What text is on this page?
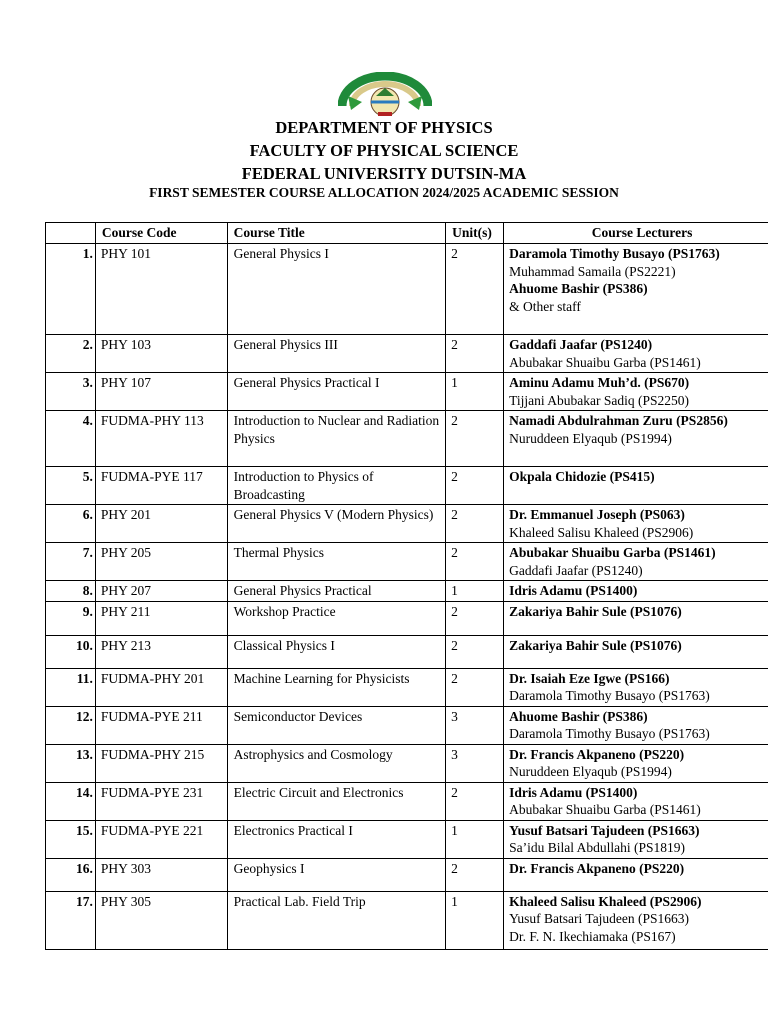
DEPARTMENT OF PHYSICS
FACULTY OF PHYSICAL SCIENCE
FEDERAL UNIVERSITY DUTSIN-MA
FIRST SEMESTER COURSE ALLOCATION 2024/2025 ACADEMIC SESSION
	Course Code	Course Title	Unit(s)	Course Lecturers
1.	PHY 101	General Physics I	2	Daramola Timothy Busayo (PS1763)
Muhammad Samaila (PS2221)
Ahuome Bashir (PS386)
& Other staff

2.	PHY 103	General Physics III	2	Gaddafi Jaafar (PS1240)
Abubakar Shuaibu Garba (PS1461)

3.	PHY 107	General Physics Practical I	1	Aminu Adamu Muh’d. (PS670)
Tijjani Abubakar Sadiq (PS2250)

4.	FUDMA-PHY 113	Introduction to Nuclear and Radiation Physics	2	Namadi Abdulrahman Zuru (PS2856)
Nuruddeen Elyaqub (PS1994)

5.	FUDMA-PYE 117	Introduction to Physics of Broadcasting	2	Okpala Chidozie (PS415)

6.	PHY 201	General Physics V (Modern Physics)	2	Dr. Emmanuel Joseph (PS063)
Khaleed Salisu Khaleed (PS2906)

7.	PHY 205	Thermal Physics	2	Abubakar Shuaibu Garba (PS1461)
Gaddafi Jaafar (PS1240)

8.	PHY 207	General Physics Practical	1	Idris Adamu (PS1400)

9.	PHY 211	Workshop Practice	2	Zakariya Bahir Sule (PS1076)

10.	PHY 213	Classical Physics I	2	Zakariya Bahir Sule (PS1076)

11.	FUDMA-PHY 201	Machine Learning for Physicists	2	Dr. Isaiah Eze Igwe (PS166)
Daramola Timothy Busayo (PS1763)

12.	FUDMA-PYE 211	Semiconductor Devices	3	Ahuome Bashir (PS386)
Daramola Timothy Busayo (PS1763)

13.	FUDMA-PHY 215	Astrophysics and Cosmology	3	Dr. Francis Akpaneno (PS220)
Nuruddeen Elyaqub (PS1994)

14.	FUDMA-PYE 231	Electric Circuit and Electronics	2	Idris Adamu (PS1400)
Abubakar Shuaibu Garba (PS1461)

15.	FUDMA-PYE 221	Electronics Practical I	1	Yusuf Batsari Tajudeen (PS1663)
Sa’idu Bilal Abdullahi (PS1819)

16.	PHY 303	Geophysics I	2	Dr. Francis Akpaneno (PS220)

17.	PHY 305	Practical Lab. Field Trip	1	Khaleed Salisu Khaleed (PS2906)
Yusuf Batsari Tajudeen (PS1663)
Dr. F. N. Ikechiamaka (PS167)
